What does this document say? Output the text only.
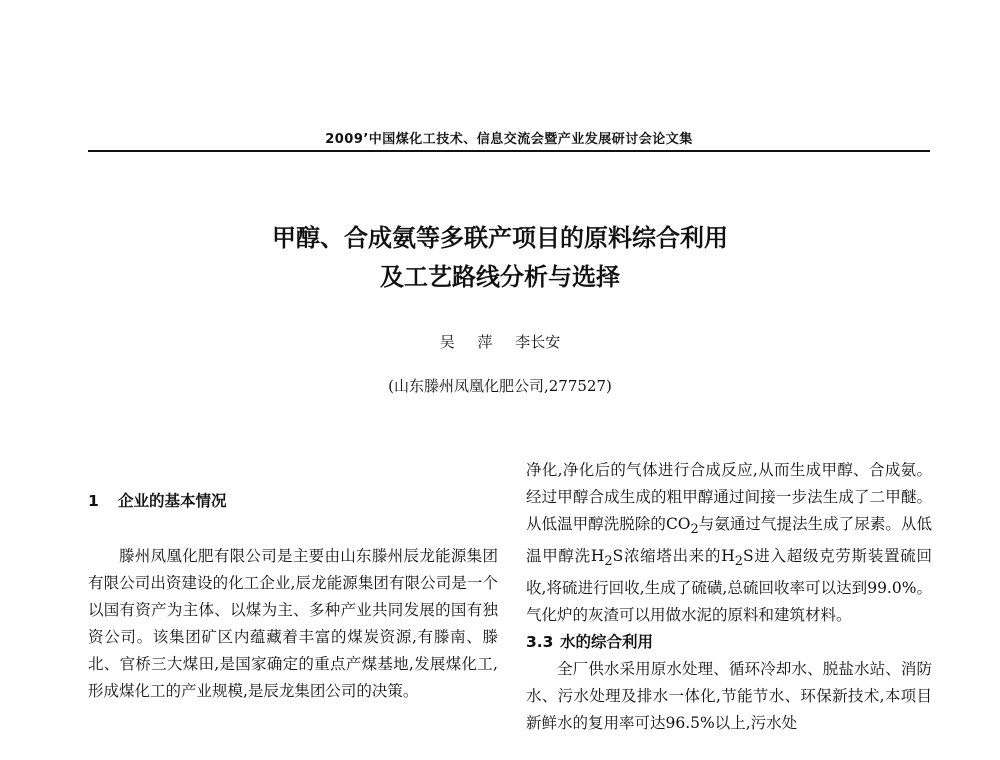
2009’中国煤化工技术、信息交流会暨产业发展研讨会论文集
甲醇、合成氨等多联产项目的原料综合利用
及工艺路线分析与选择
吴 萍 李长安
(山东滕州凤凰化肥公司,277527)
1 企业的基本情况
滕州凤凰化肥有限公司是主要由山东滕州辰龙能源集团有限公司出资建设的化工企业,辰龙能源集团有限公司是一个以国有资产为主体、以煤为主、多种产业共同发展的国有独资公司。该集团矿区内蕴藏着丰富的煤炭资源,有滕南、滕北、官桥三大煤田,是国家确定的重点产煤基地,发展煤化工,形成煤化工的产业规模,是辰龙集团公司的决策。
净化,净化后的气体进行合成反应,从而生成甲醇、合成氨。经过甲醇合成生成的粗甲醇通过间接一步法生成了二甲醚。从低温甲醇洗脱除的$CO_2$与氨通过气提法生成了尿素。从低温甲醇洗$H_2S$浓缩塔出来的$H_2S$进入超级克劳斯装置硫回收,将硫进行回收,生成了硫磺,总硫回收率可以达到99.0%。气化炉的灰渣可以用做水泥的原料和建筑材料。
3.3 水的综合利用
全厂供水采用原水处理、循环冷却水、脱盐水站、消防水、污水处理及排水一体化,节能节水、环保新技术,本项目新鲜水的复用率可达96.5%以上,污水处
